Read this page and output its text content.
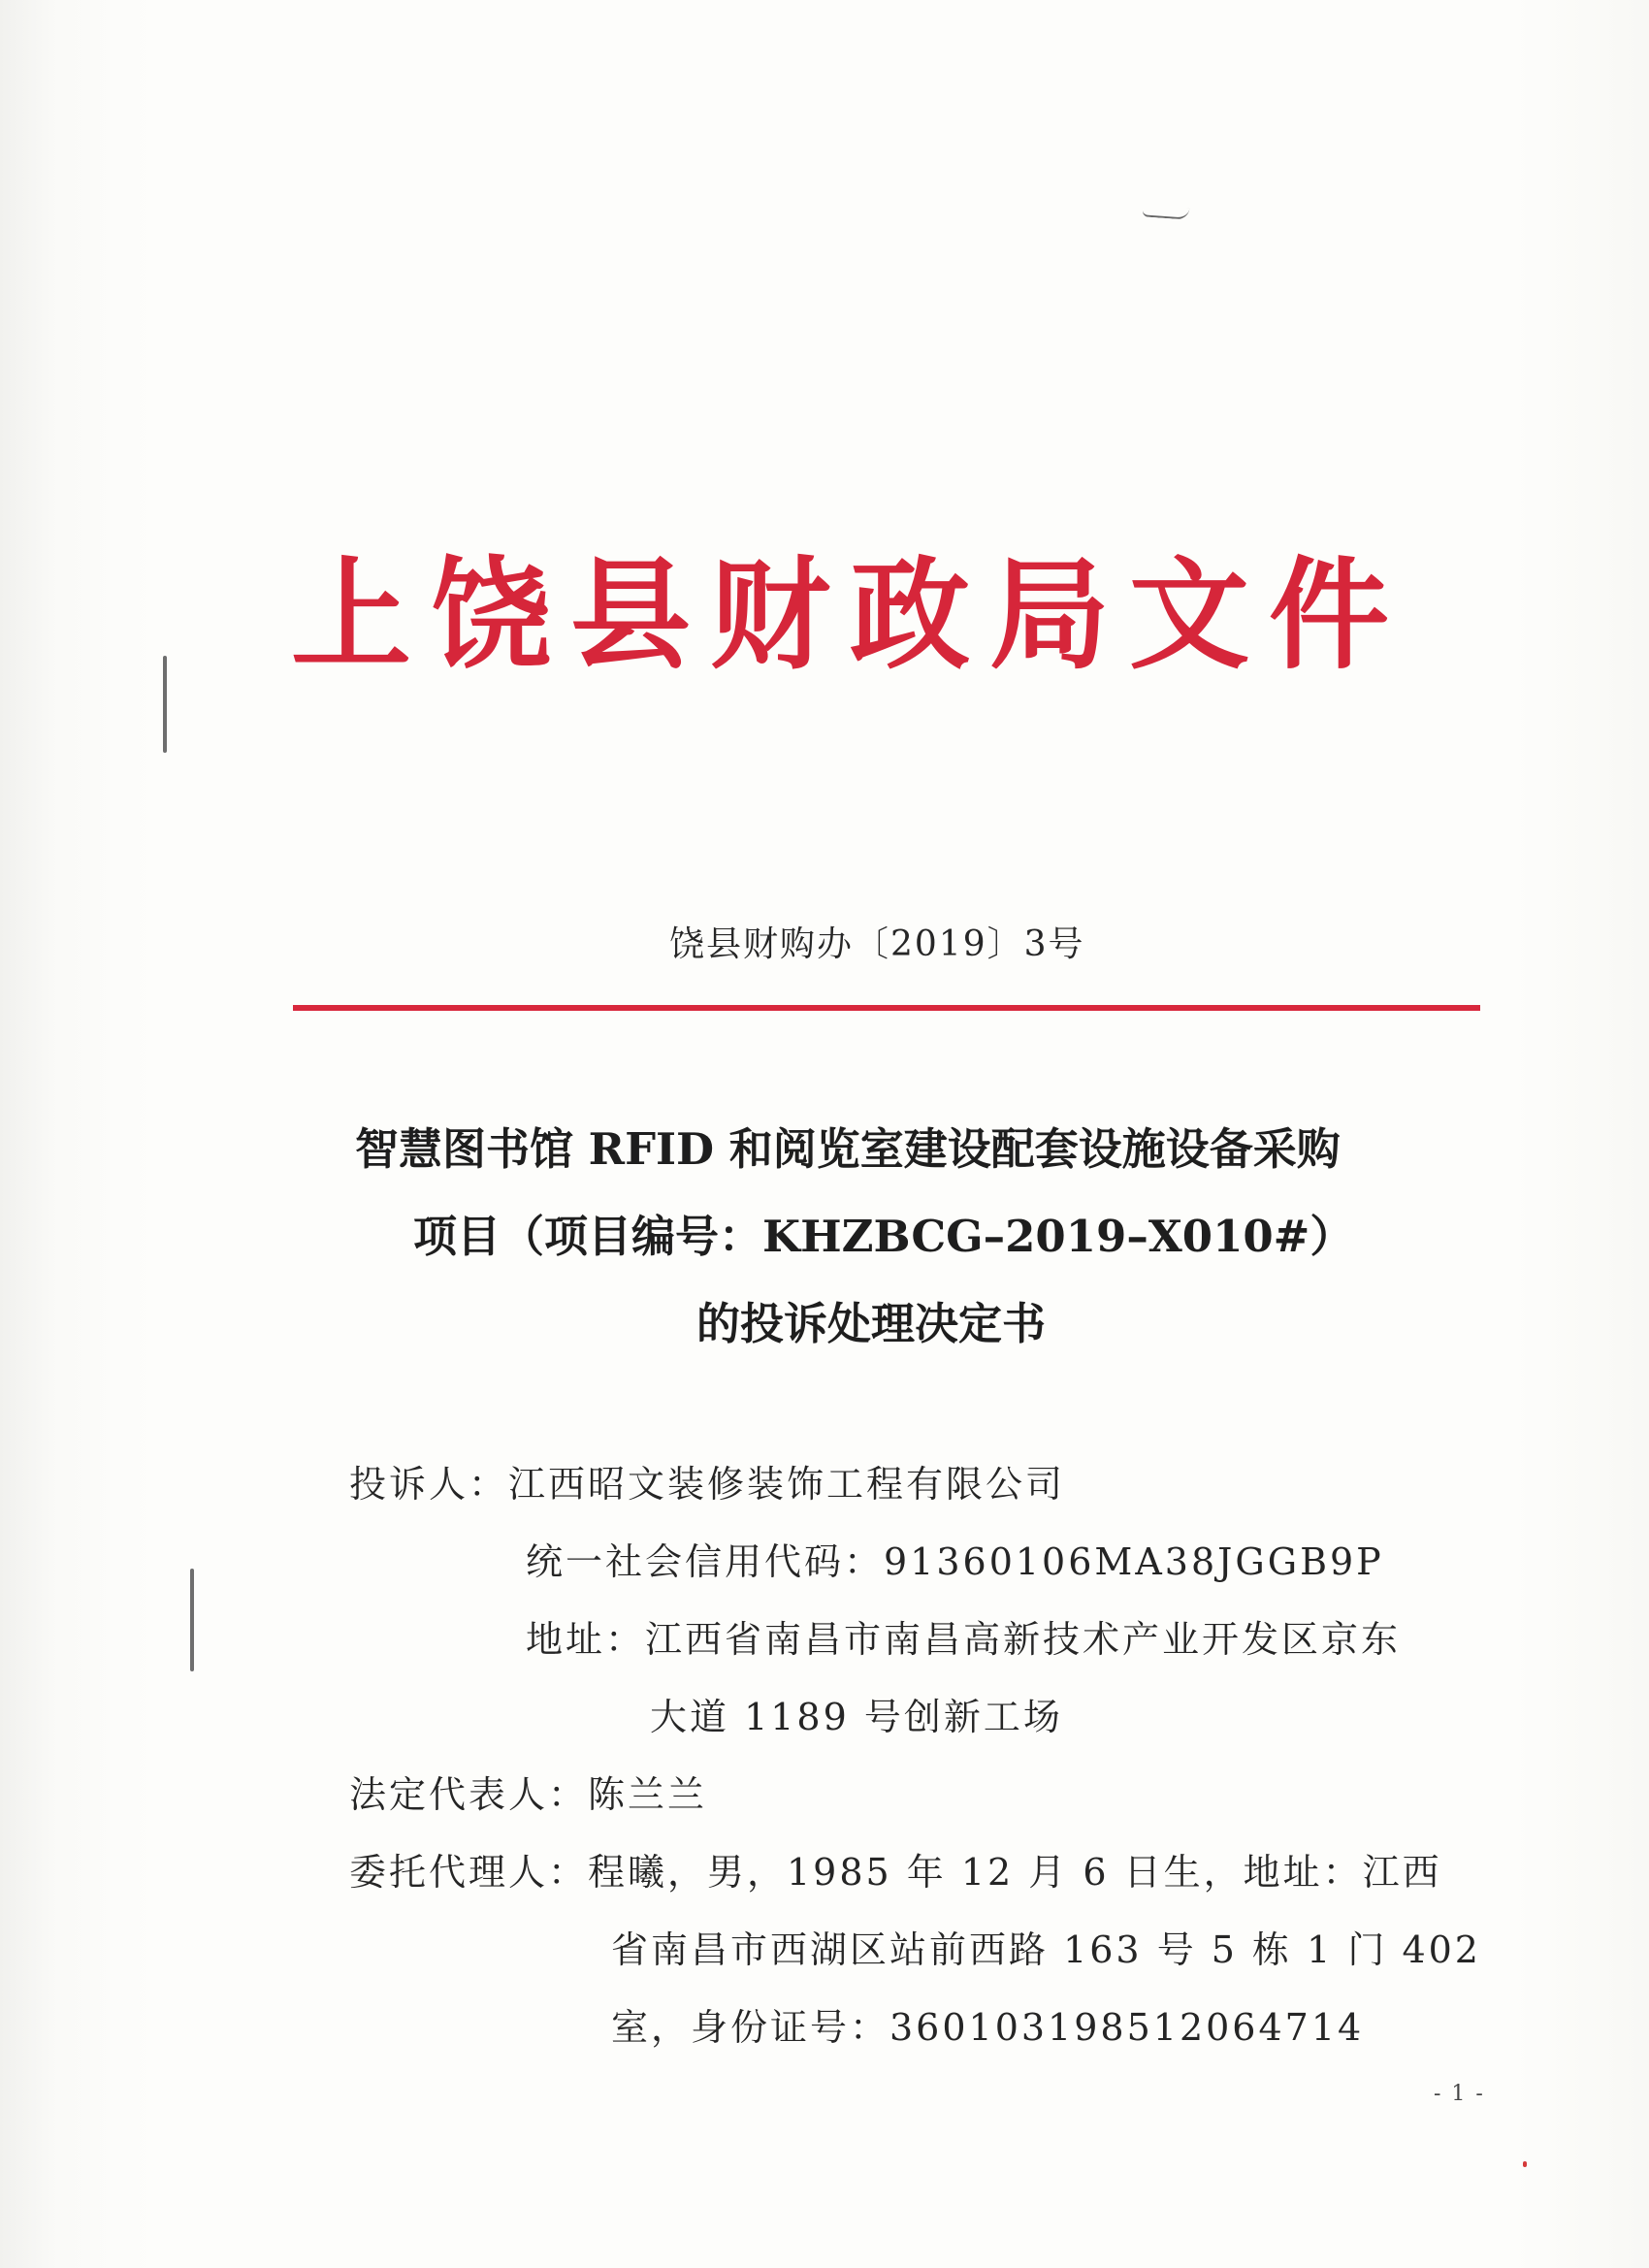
上饶县财政局文件
饶县财购办〔2019〕3号
智慧图书馆 RFID 和阅览室建设配套设施设备采购
项目（项目编号：KHZBCG–2019–X010#）
的投诉处理决定书
投诉人：江西昭文装修装饰工程有限公司
统一社会信用代码：91360106MA38JGGB9P
地址：江西省南昌市南昌高新技术产业开发区京东
大道 1189 号创新工场
法定代表人：陈兰兰
委托代理人：程曦，男，1985 年 12 月 6 日生，地址：江西
省南昌市西湖区站前西路 163 号 5 栋 1 门 402
室，身份证号：360103198512064714
- 1 -
